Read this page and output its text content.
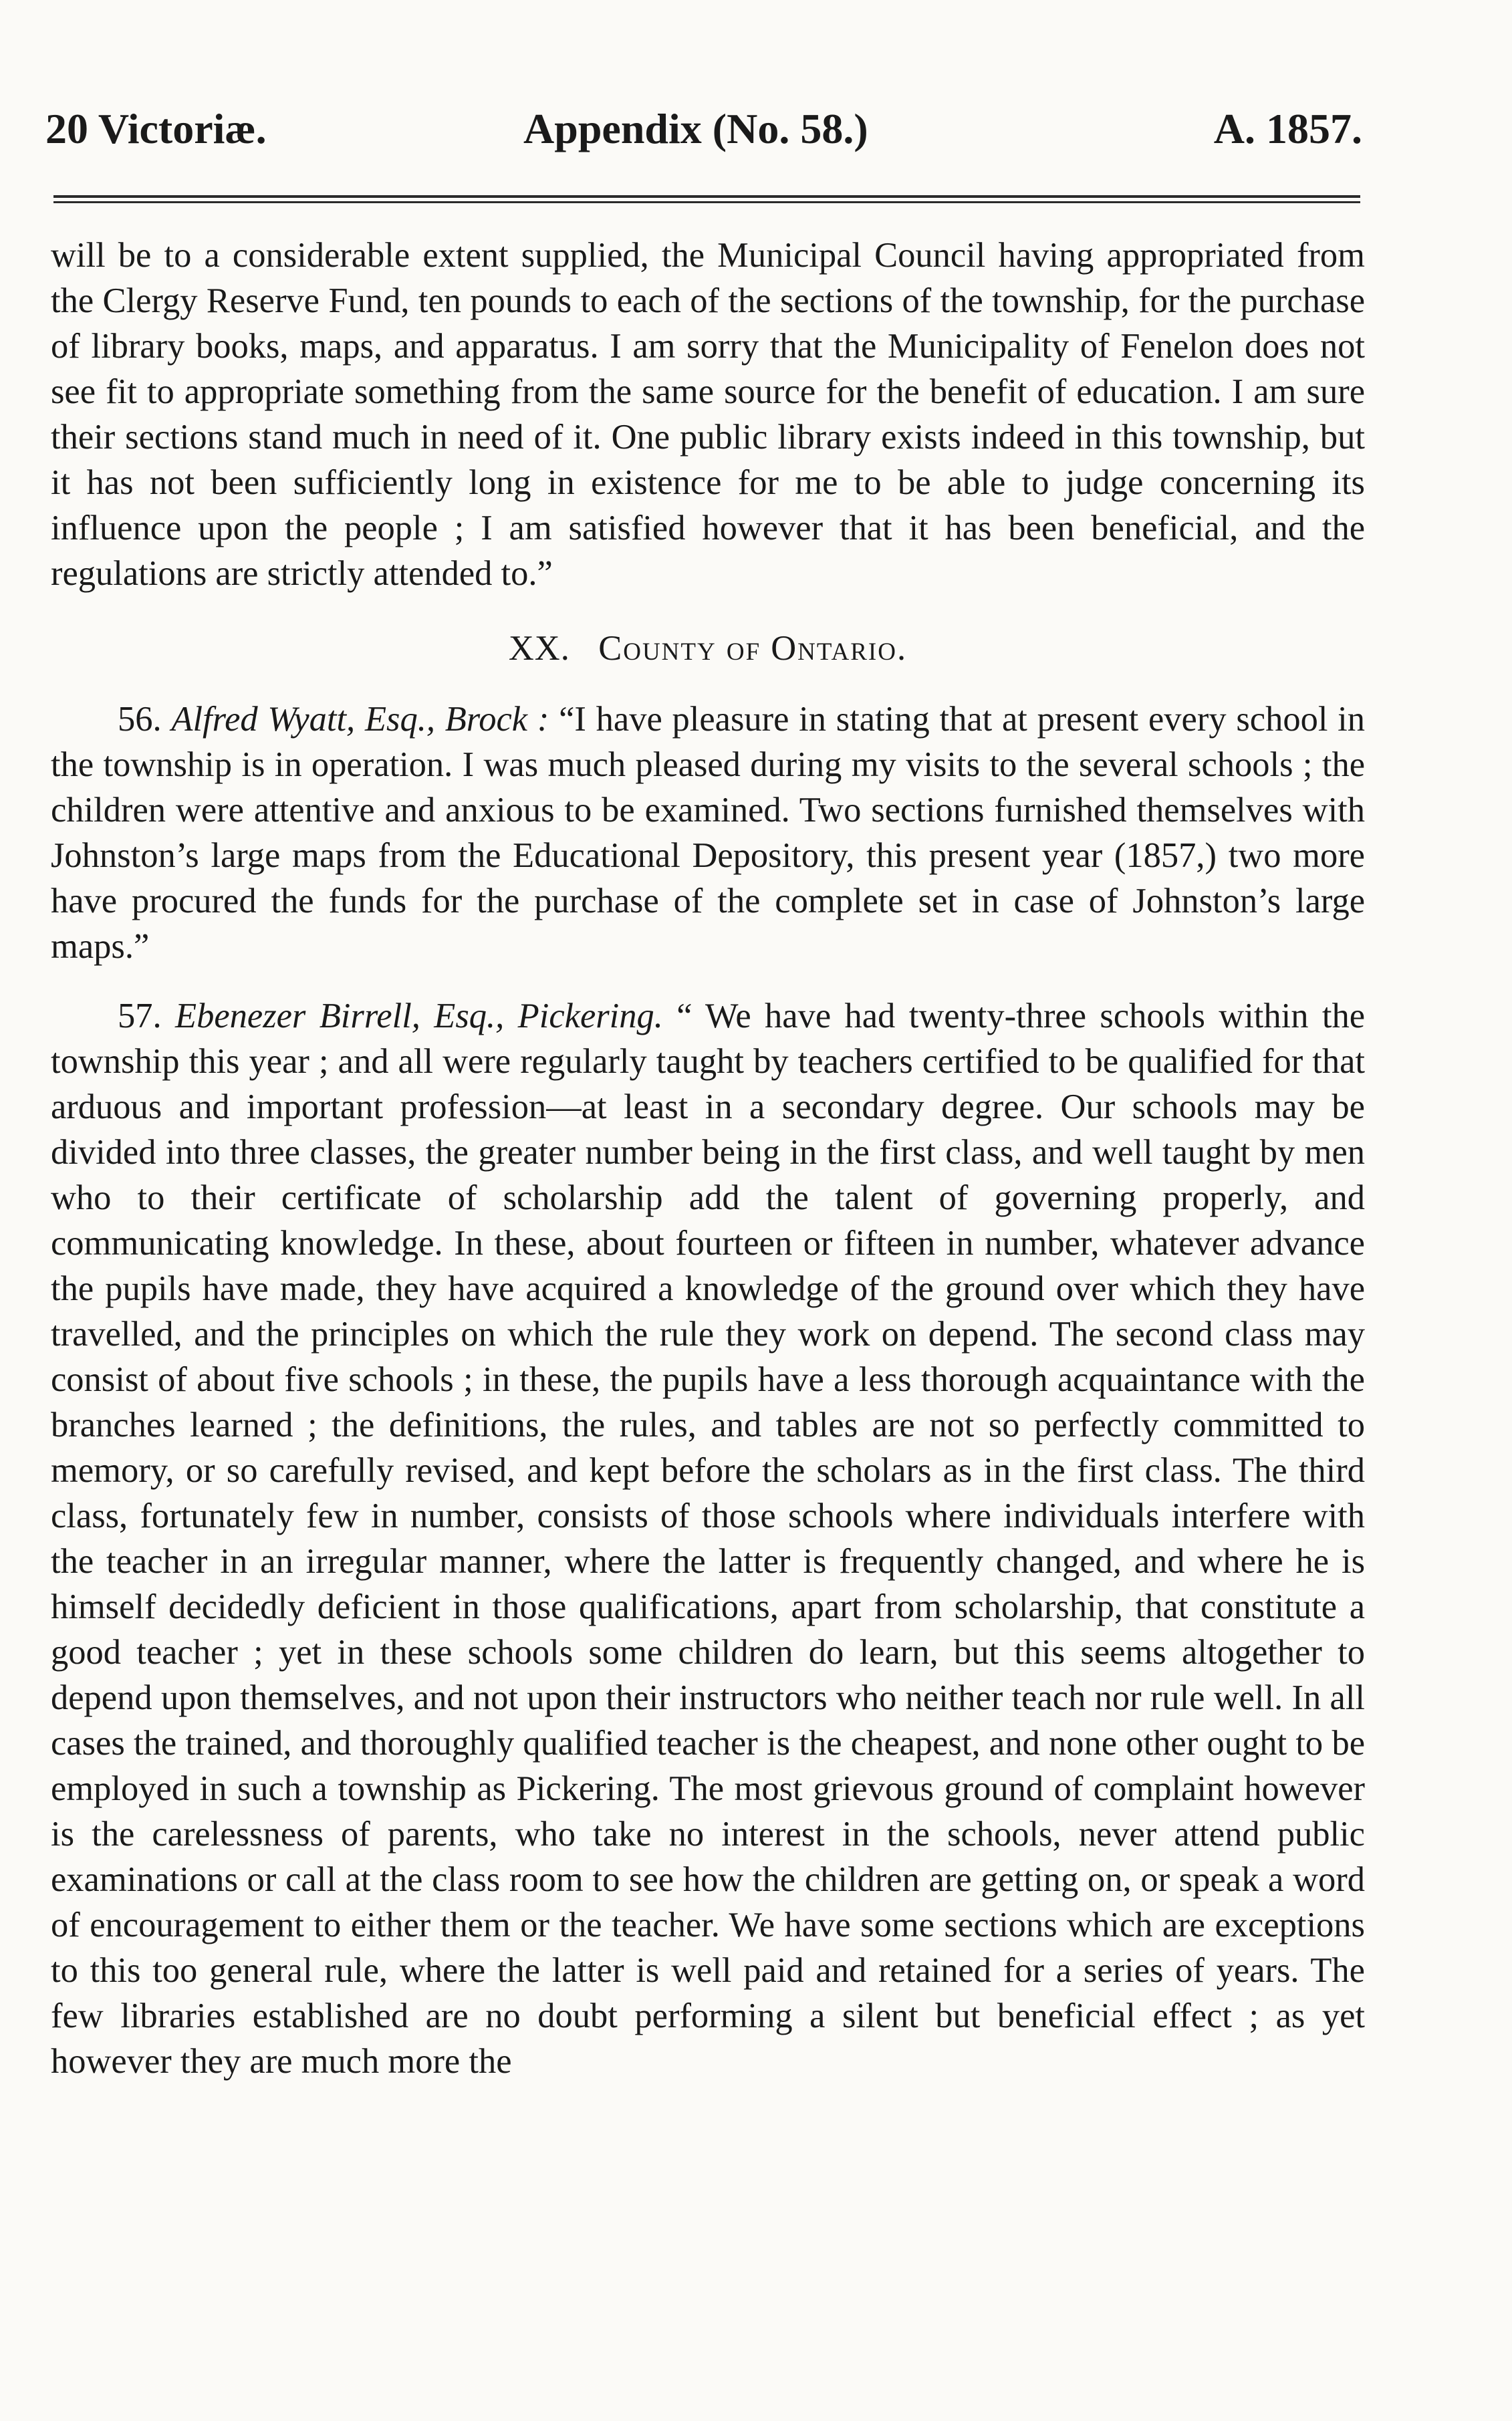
20 Victoriæ.	Appendix (No. 58.)	A. 1857.

will be to a considerable extent supplied, the Municipal Council having appropriated from the Clergy Reserve Fund, ten pounds to each of the sections of the township, for the purchase of library books, maps, and apparatus. I am sorry that the Municipality of Fenelon does not see fit to appropriate something from the same source for the benefit of education. I am sure their sections stand much in need of it. One public library exists indeed in this township, but it has not been sufficiently long in existence for me to be able to judge concerning its influence upon the people ; I am satisfied however that it has been beneficial, and the regulations are strictly attended to.”

XX. County of Ontario.

56. Alfred Wyatt, Esq., Brock : “I have pleasure in stating that at present every school in the township is in operation. I was much pleased during my visits to the several schools ; the children were attentive and anxious to be examined. Two sections furnished themselves with Johnston’s large maps from the Educational Depository, this present year (1857,) two more have procured the funds for the purchase of the complete set in case of Johnston’s large maps.”

57. Ebenezer Birrell, Esq., Pickering. “ We have had twenty-three schools within the township this year ; and all were regularly taught by teachers certified to be qualified for that arduous and important profession—at least in a secondary degree. Our schools may be divided into three classes, the greater number being in the first class, and well taught by men who to their certificate of scholarship add the talent of governing properly, and communicating knowledge. In these, about fourteen or fifteen in number, whatever advance the pupils have made, they have acquired a knowledge of the ground over which they have travelled, and the principles on which the rule they work on depend. The second class may consist of about five schools ; in these, the pupils have a less thorough acquaintance with the branches learned ; the definitions, the rules, and tables are not so perfectly committed to memory, or so carefully revised, and kept before the scholars as in the first class. The third class, fortunately few in number, consists of those schools where individuals interfere with the teacher in an irregular manner, where the latter is frequently changed, and where he is himself decidedly deficient in those qualifications, apart from scholarship, that constitute a good teacher ; yet in these schools some children do learn, but this seems altogether to depend upon themselves, and not upon their instructors who neither teach nor rule well. In all cases the trained, and thoroughly qualified teacher is the cheapest, and none other ought to be employed in such a township as Pickering. The most grievous ground of complaint however is the carelessness of parents, who take no interest in the schools, never attend public examinations or call at the class room to see how the children are getting on, or speak a word of encouragement to either them or the teacher. We have some sections which are exceptions to this too general rule, where the latter is well paid and retained for a series of years. The few libraries established are no doubt performing a silent but beneficial effect ; as yet however they are much more the
